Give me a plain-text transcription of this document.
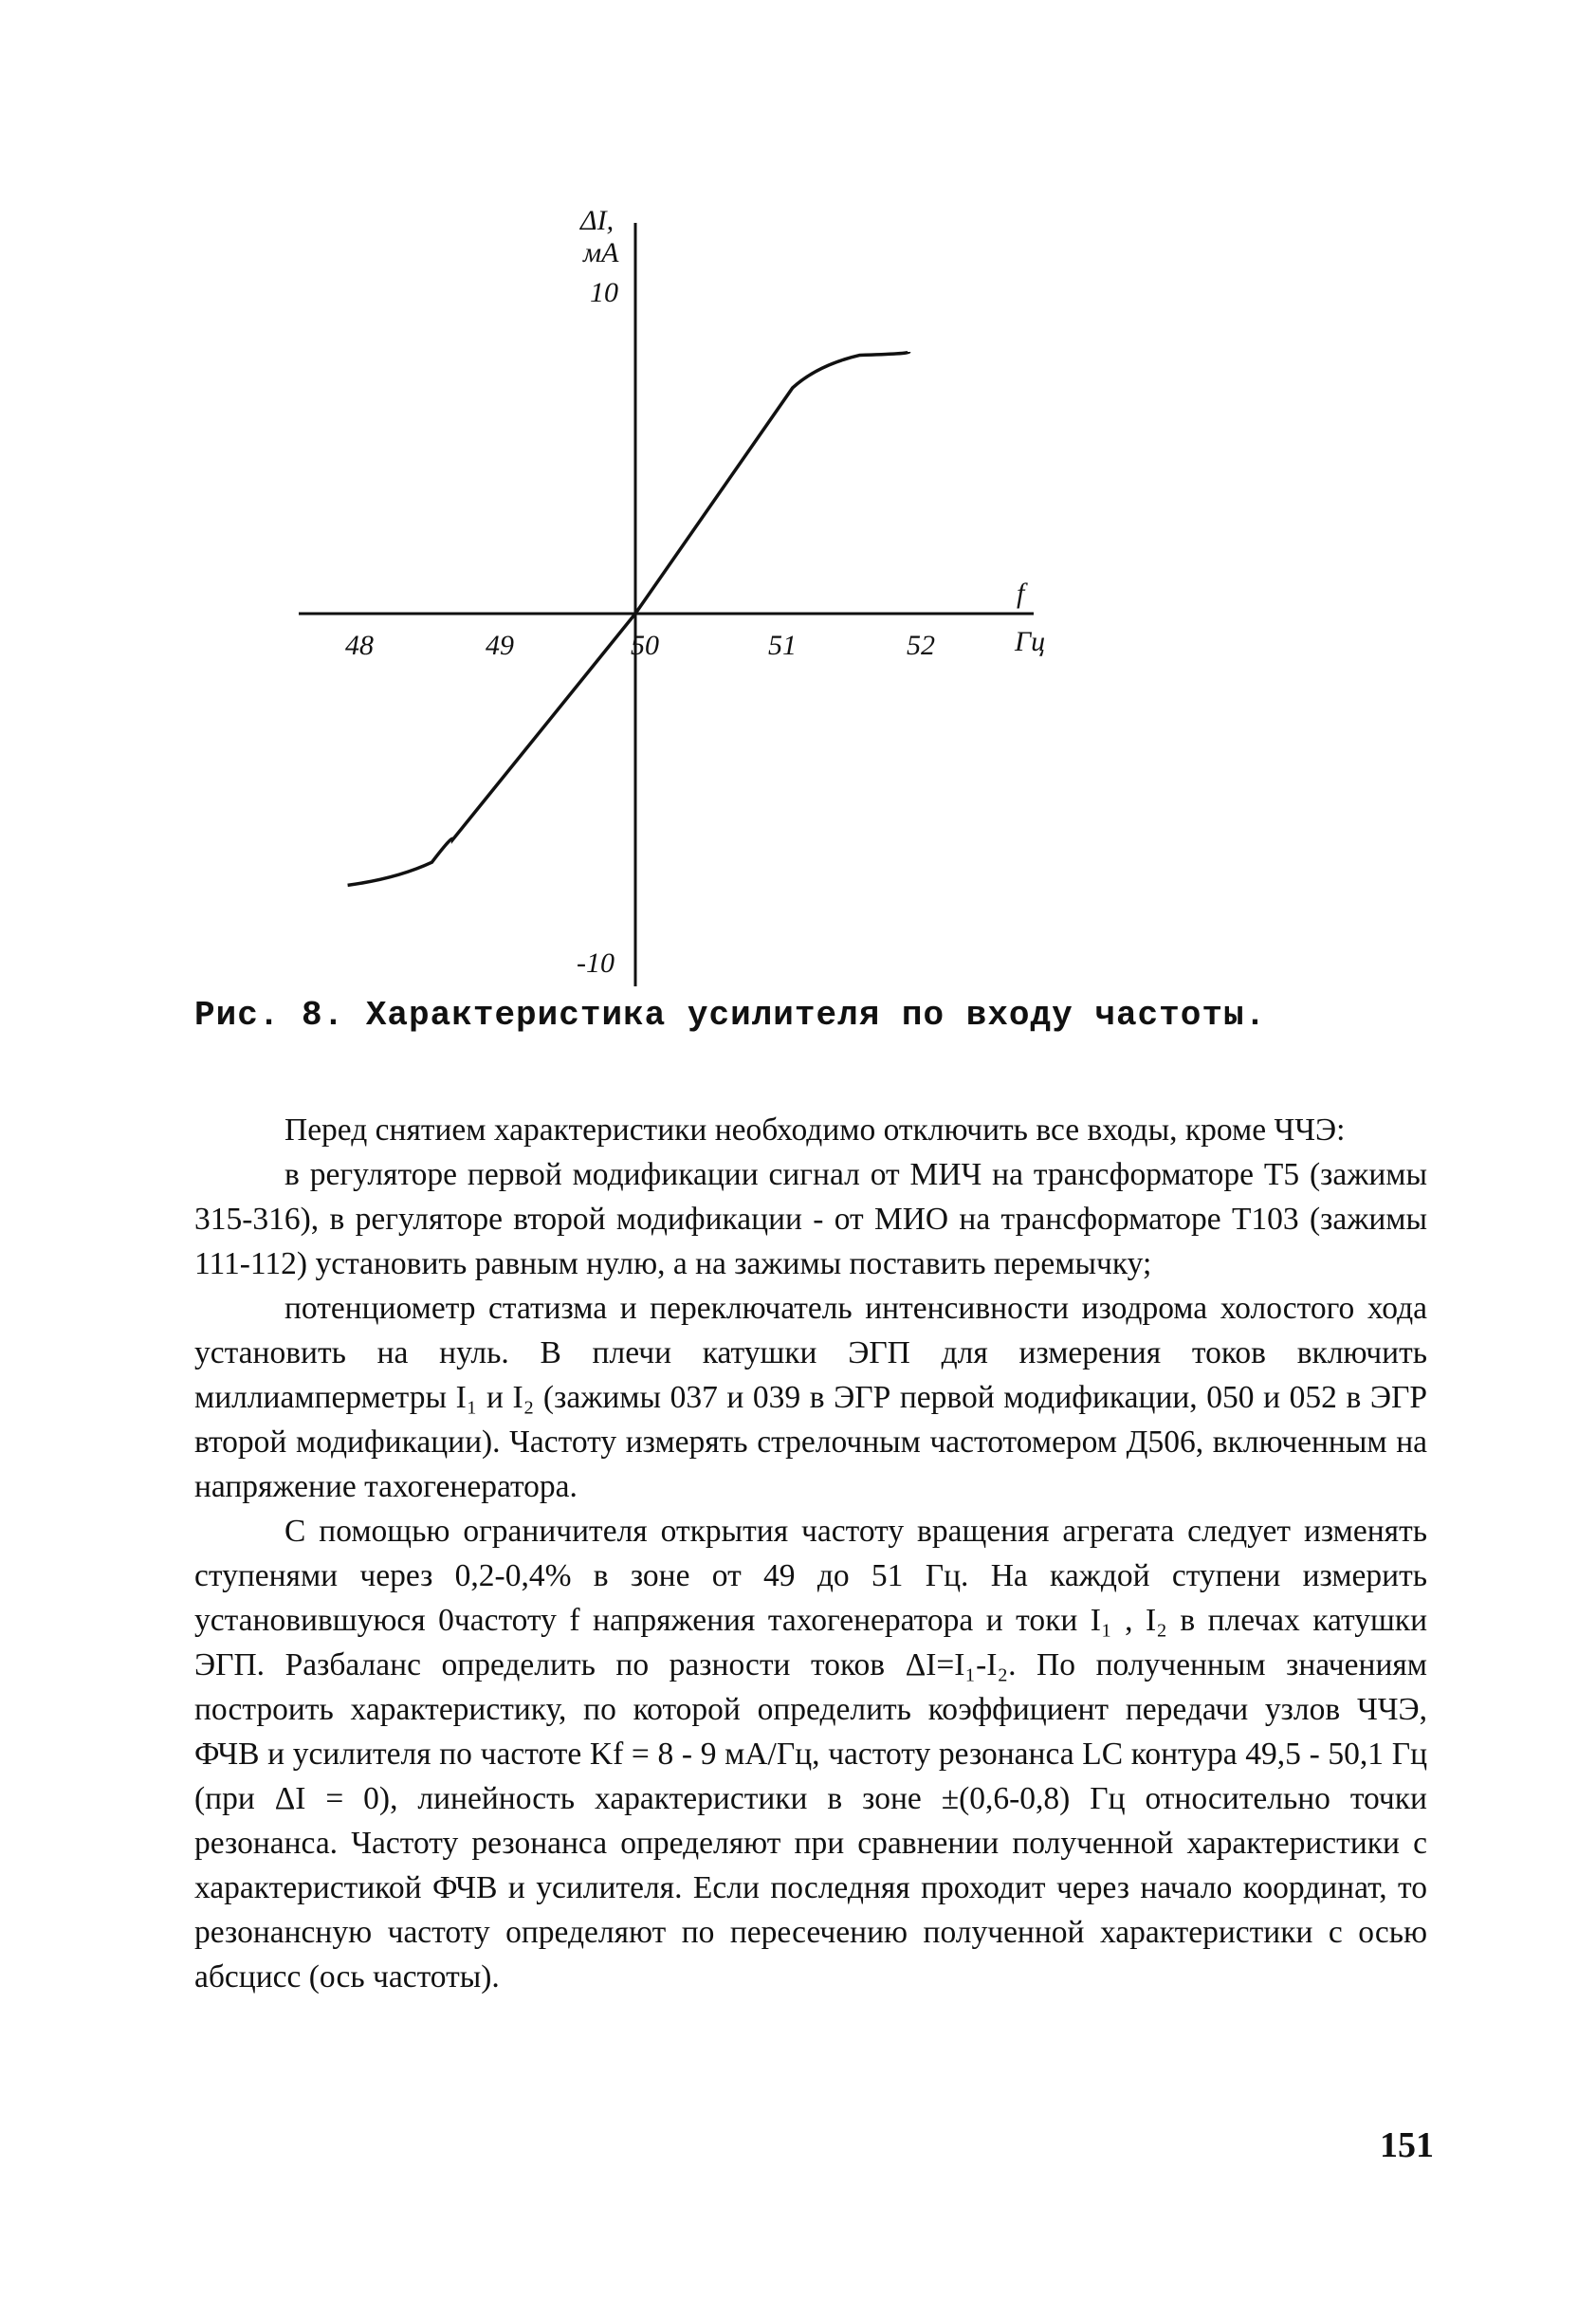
ΔI,
мА
10
-10
f
Гц
48	49	50	51	52
Рис. 8. Характеристика усилителя по входу частоты.

Перед снятием характеристики необходимо отключить все входы, кроме ЧЧЭ:

в регуляторе первой модификации сигнал от МИЧ на трансформаторе Т5 (зажимы 315-316), в регуляторе второй модификации - от МИО на трансформаторе Т103 (зажимы 111-112) установить равным нулю, а на зажимы поставить перемычку;

потенциометр статизма и переключатель интенсивности изодрома холостого хода установить на нуль. В плечи катушки ЭГП для измерения токов включить миллиамперметры I₁ и I₂ (зажимы 037 и 039 в ЭГР первой модификации, 050 и 052 в ЭГР второй модификации). Частоту измерять стрелочным частотомером Д506, включенным на напряжение тахогенератора.

С помощью ограничителя открытия частоту вращения агрегата следует изменять ступенями через 0,2-0,4% в зоне от 49 до 51 Гц. На каждой ступени измерить установившуюся 0частоту f напряжения тахогенератора и токи I₁ , I₂ в плечах катушки ЭГП. Разбаланс определить по разности токов ΔI=I₁-I₂. По полученным значениям построить характеристику, по которой определить коэффициент передачи узлов ЧЧЭ, ФЧВ и усилителя по частоте Kf = 8 - 9 мА/Гц, частоту резонанса LC контура 49,5 - 50,1 Гц (при ΔI = 0), линейность характеристики в зоне ±(0,6-0,8) Гц относительно точки резонанса. Частоту резонанса определяют при сравнении полученной характеристики с характеристикой ФЧВ и усилителя. Если последняя проходит через начало координат, то резонансную частоту определяют по пересечению полученной характеристики с осью абсцисс (ось частоты).

151
